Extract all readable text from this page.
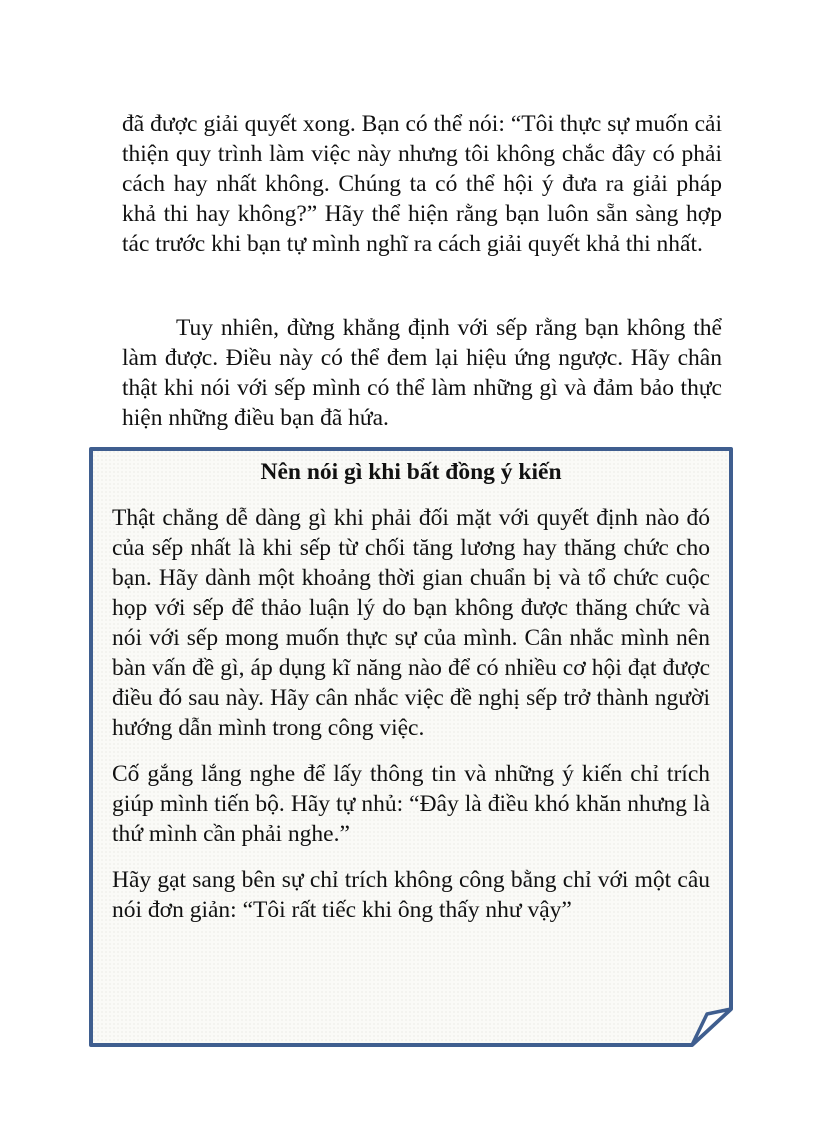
đã được giải quyết xong. Bạn có thể nói: “Tôi thực sự muốn cải thiện quy trình làm việc này nhưng tôi không chắc đây có phải cách hay nhất không. Chúng ta có thể hội ý đưa ra giải pháp khả thi hay không?” Hãy thể hiện rằng bạn luôn sẵn sàng hợp tác trước khi bạn tự mình nghĩ ra cách giải quyết khả thi nhất.

Tuy nhiên, đừng khẳng định với sếp rằng bạn không thể làm được. Điều này có thể đem lại hiệu ứng ngược. Hãy chân thật khi nói với sếp mình có thể làm những gì và đảm bảo thực hiện những điều bạn đã hứa.

Nên nói gì khi bất đồng ý kiến

Thật chẳng dễ dàng gì khi phải đối mặt với quyết định nào đó của sếp nhất là khi sếp từ chối tăng lương hay thăng chức cho bạn. Hãy dành một khoảng thời gian chuẩn bị và tổ chức cuộc họp với sếp để thảo luận lý do bạn không được thăng chức và nói với sếp mong muốn thực sự của mình. Cân nhắc mình nên bàn vấn đề gì, áp dụng kĩ năng nào để có nhiều cơ hội đạt được điều đó sau này. Hãy cân nhắc việc đề nghị sếp trở thành người hướng dẫn mình trong công việc.

Cố gắng lắng nghe để lấy thông tin và những ý kiến chỉ trích giúp mình tiến bộ. Hãy tự nhủ: “Đây là điều khó khăn nhưng là thứ mình cần phải nghe.”

Hãy gạt sang bên sự chỉ trích không công bằng chỉ với một câu nói đơn giản: “Tôi rất tiếc khi ông thấy như vậy”
